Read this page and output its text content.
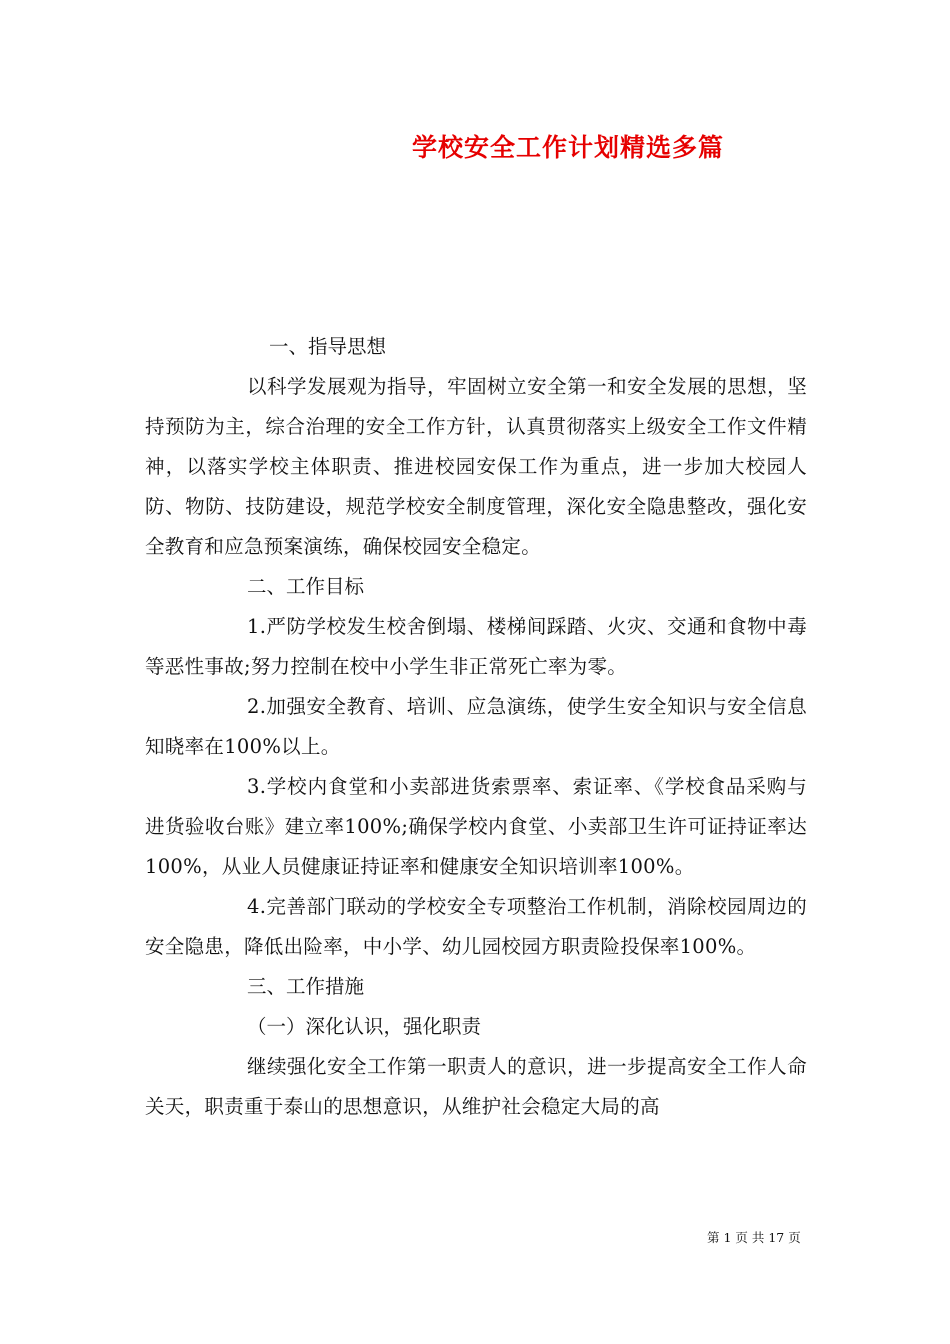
学校安全工作计划精选多篇
一、指导思想
以科学发展观为指导，牢固树立安全第一和安全发展的思想，坚持预防为主，综合治理的安全工作方针，认真贯彻落实上级安全工作文件精神，以落实学校主体职责、推进校园安保工作为重点，进一步加大校园人防、物防、技防建设，规范学校安全制度管理，深化安全隐患整改，强化安全教育和应急预案演练，确保校园安全稳定。
二、工作目标
1.严防学校发生校舍倒塌、楼梯间踩踏、火灾、交通和食物中毒等恶性事故;努力控制在校中小学生非正常死亡率为零。
2.加强安全教育、培训、应急演练，使学生安全知识与安全信息知晓率在100%以上。
3.学校内食堂和小卖部进货索票率、索证率、《学校食品采购与进货验收台账》建立率100%;确保学校内食堂、小卖部卫生许可证持证率达100%，从业人员健康证持证率和健康安全知识培训率100%。
4.完善部门联动的学校安全专项整治工作机制，消除校园周边的安全隐患，降低出险率，中小学、幼儿园校园方职责险投保率100%。
三、工作措施
（一）深化认识，强化职责
继续强化安全工作第一职责人的意识，进一步提高安全工作人命关天，职责重于泰山的思想意识，从维护社会稳定大局的高
第 1 页 共 17 页
